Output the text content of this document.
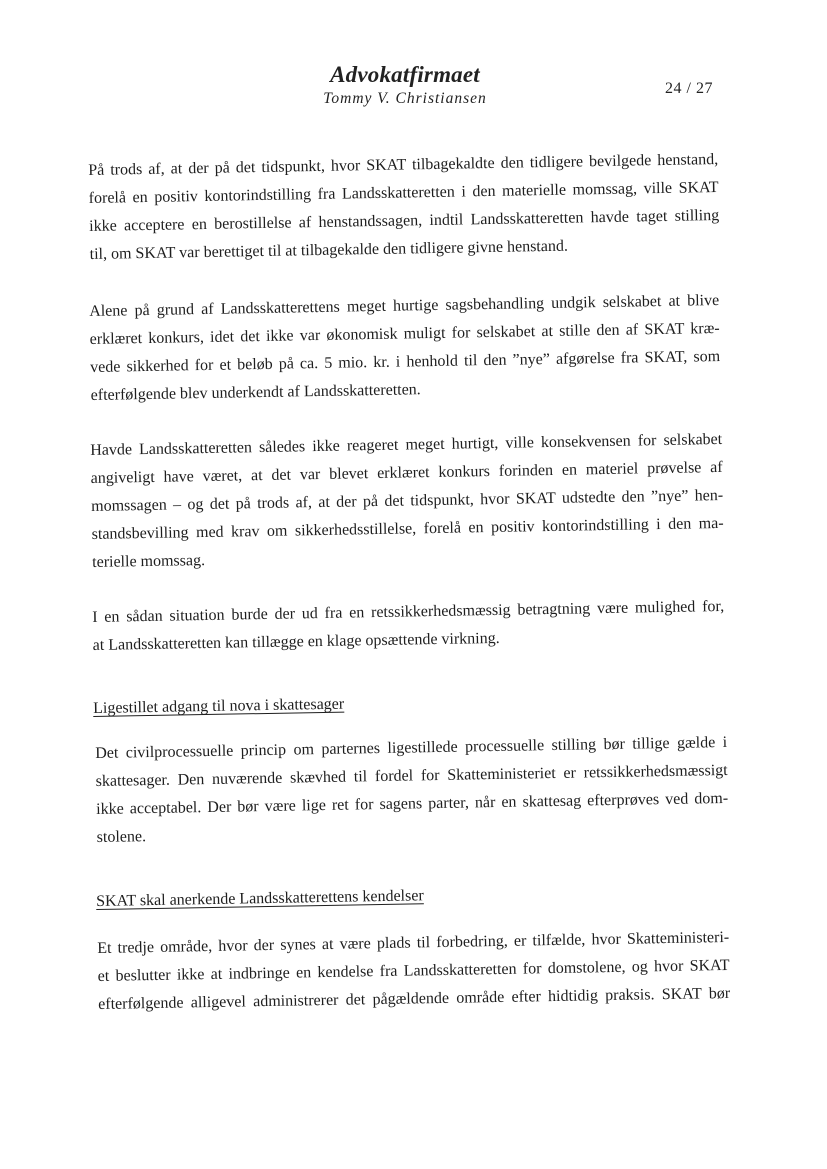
Advokatfirmaet
Tommy V. Christiansen
24 / 27
På trods af, at der på det tidspunkt, hvor SKAT tilbagekaldte den tidligere bevilgede henstand,
forelå en positiv kontorindstilling fra Landsskatteretten i den materielle momssag, ville SKAT
ikke acceptere en berostillelse af henstandssagen, indtil Landsskatteretten havde taget stilling
til, om SKAT var berettiget til at tilbagekalde den tidligere givne henstand.
Alene på grund af Landsskatterettens meget hurtige sagsbehandling undgik selskabet at blive
erklæret konkurs, idet det ikke var økonomisk muligt for selskabet at stille den af SKAT kræ-
vede sikkerhed for et beløb på ca. 5 mio. kr. i henhold til den ”nye” afgørelse fra SKAT, som
efterfølgende blev underkendt af Landsskatteretten.
Havde Landsskatteretten således ikke reageret meget hurtigt, ville konsekvensen for selskabet
angiveligt have været, at det var blevet erklæret konkurs forinden en materiel prøvelse af
momssagen – og det på trods af, at der på det tidspunkt, hvor SKAT udstedte den ”nye” hen-
standsbevilling med krav om sikkerhedsstillelse, forelå en positiv kontorindstilling i den ma-
terielle momssag.
I en sådan situation burde der ud fra en retssikkerhedsmæssig betragtning være mulighed for,
at Landsskatteretten kan tillægge en klage opsættende virkning.
Ligestillet adgang til nova i skattesager
Det civilprocessuelle princip om parternes ligestillede processuelle stilling bør tillige gælde i
skattesager. Den nuværende skævhed til fordel for Skatteministeriet er retssikkerhedsmæssigt
ikke acceptabel. Der bør være lige ret for sagens parter, når en skattesag efterprøves ved dom-
stolene.
SKAT skal anerkende Landsskatterettens kendelser
Et tredje område, hvor der synes at være plads til forbedring, er tilfælde, hvor Skatteministeri-
et beslutter ikke at indbringe en kendelse fra Landsskatteretten for domstolene, og hvor SKAT
efterfølgende alligevel administrerer det pågældende område efter hidtidig praksis. SKAT bør
